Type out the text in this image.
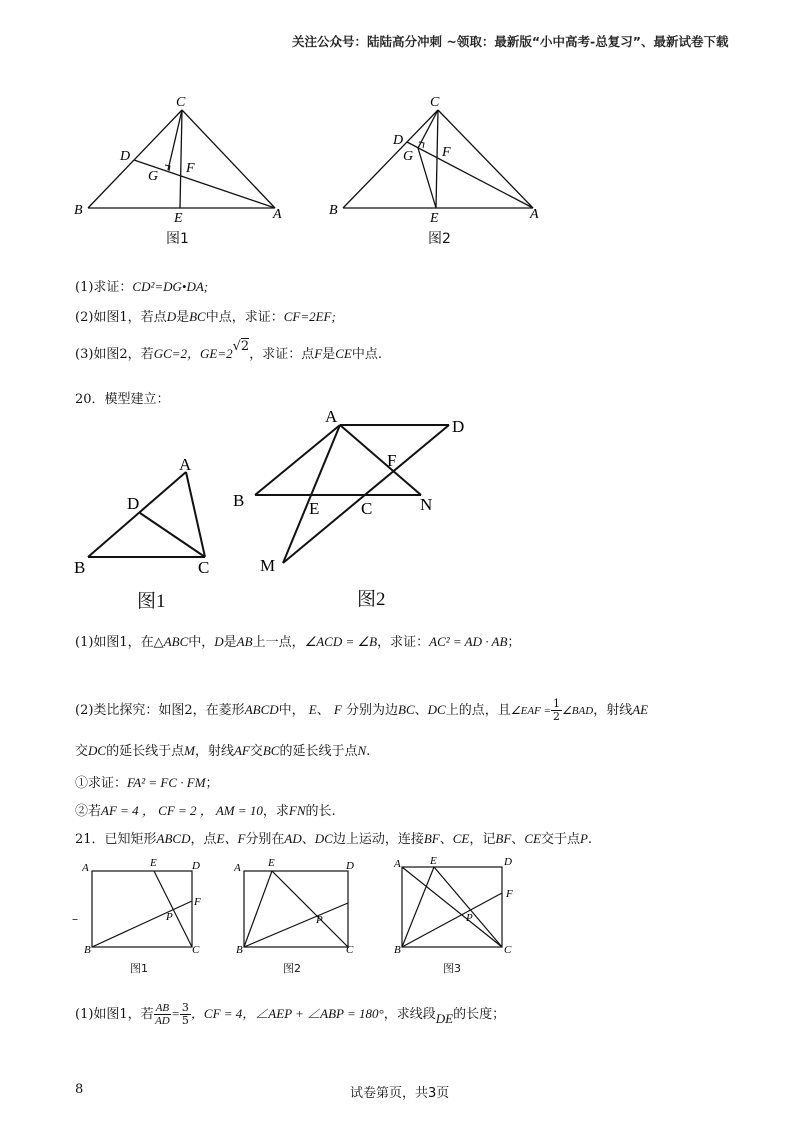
关注公众号：陆陆高分冲刺 ~领取：最新版“小中高考-总复习”、最新试卷下载
C
D
G
F
B
E	A
图1
C
D
G F
B
E	A
图2
(1)求证：CD²=DG•DA;
(2)如图1，若点D是BC中点，求证：CF=2EF;
(3)如图2，若GC=2，GE=2√2，求证：点F是CE中点.
20．模型建立：
A
D
B	C
图1
A
D
F
B	E C	N
M
图2
(1)如图1，在△ABC中，D是AB上一点，∠ACD = ∠B，求证：AC² = AD · AB；
(2)类比探究：如图2，在菱形ABCD中， E、 F 分别为边BC、DC上的点，且∠EAF = $\frac{1}{2}$ ∠BAD，射线AE
交DC的延长线于点M，射线AF交BC的延长线于点N.
①求证：FA² = FC · FM；
②若AF = 4 ， CF = 2 ， AM = 10，求FN的长.
21．已知矩形ABCD，点E、F分别在AD、DC边上运动，连接BF、CE，记BF、CE交于点P.
–
A	E	D
F
P
B	C
图1
A E	D
P
B	C
图2
A	E	D
F
P
B	C
图3
(1)如图1，若 $\frac{AB}{AD} = \frac{3}{5}$ ，CF = 4，∠AEP + ∠ABP = 180°，求线段DE的长度；
8	试卷第页，共3页
